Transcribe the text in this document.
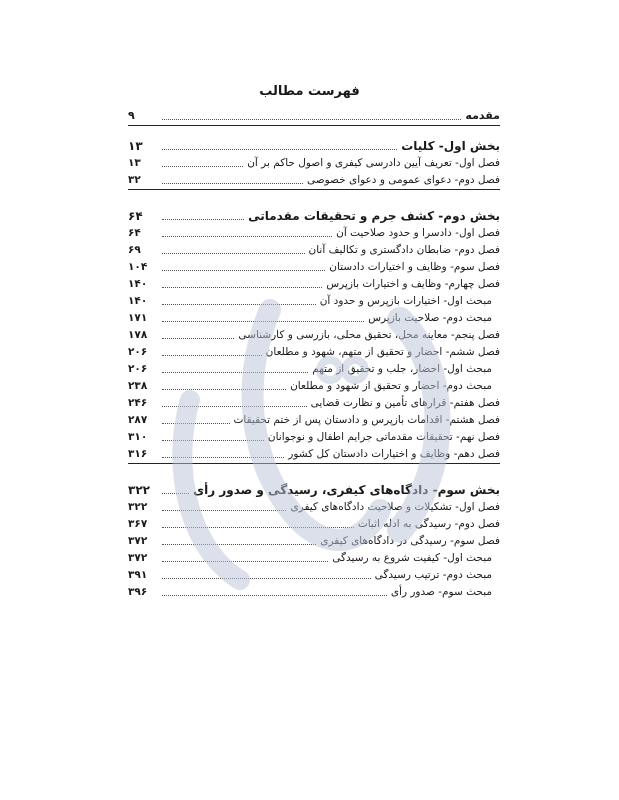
فهرست مطالب
مقدمه
۹
بخش اول- کلیات
۱۳
فصل اول- تعریف آیین دادرسی کیفری و اصول حاکم بر آن
۱۳
فصل دوم- دعوای عمومی و دعوای خصوصی
۳۲
بخش دوم- کشف جرم و تحقیقات مقدماتی
۶۴
فصل اول- دادسرا و حدود صلاحیت آن
۶۴
فصل دوم- ضابطان دادگستری و تکالیف آنان
۶۹
فصل سوم- وظایف و اختیارات دادستان
۱۰۴
فصل چهارم- وظایف و اختیارات بازپرس
۱۴۰
مبحث اول- اختیارات بازپرس و حدود آن
۱۴۰
مبحث دوم- صلاحیت بازپرس
۱۷۱
فصل پنجم- معاینه محل، تحقیق محلی، بازرسی و کارشناسی
۱۷۸
فصل ششم- احضار و تحقیق از متهم، شهود و مطلعان
۲۰۶
مبحث اول- احضار، جلب و تحقیق از متهم
۲۰۶
مبحث دوم- احضار و تحقیق از شهود و مطلعان
۲۳۸
فصل هفتم- قرارهای تأمین و نظارت قضایی
۲۴۶
فصل هشتم- اقدامات بازپرس و دادستان پس از ختم تحقیقات
۲۸۷
فصل نهم- تحقیقات مقدماتی جرایم اطفال و نوجوانان
۳۱۰
فصل دهم- وظایف و اختیارات دادستان کل کشور
۳۱۶
بخش سوم- دادگاه‌های کیفری، رسیدگی و صدور رأی
۳۲۲
فصل اول- تشکیلات و صلاحیت دادگاه‌های کیفری
۳۲۲
فصل دوم- رسیدگی به ادله اثبات
۳۶۷
فصل سوم- رسیدگی در دادگاه‌های کیفری
۳۷۲
مبحث اول- کیفیت شروع به رسیدگی
۳۷۲
مبحث دوم- ترتیب رسیدگی
۳۹۱
مبحث سوم- صدور رأی
۳۹۶
